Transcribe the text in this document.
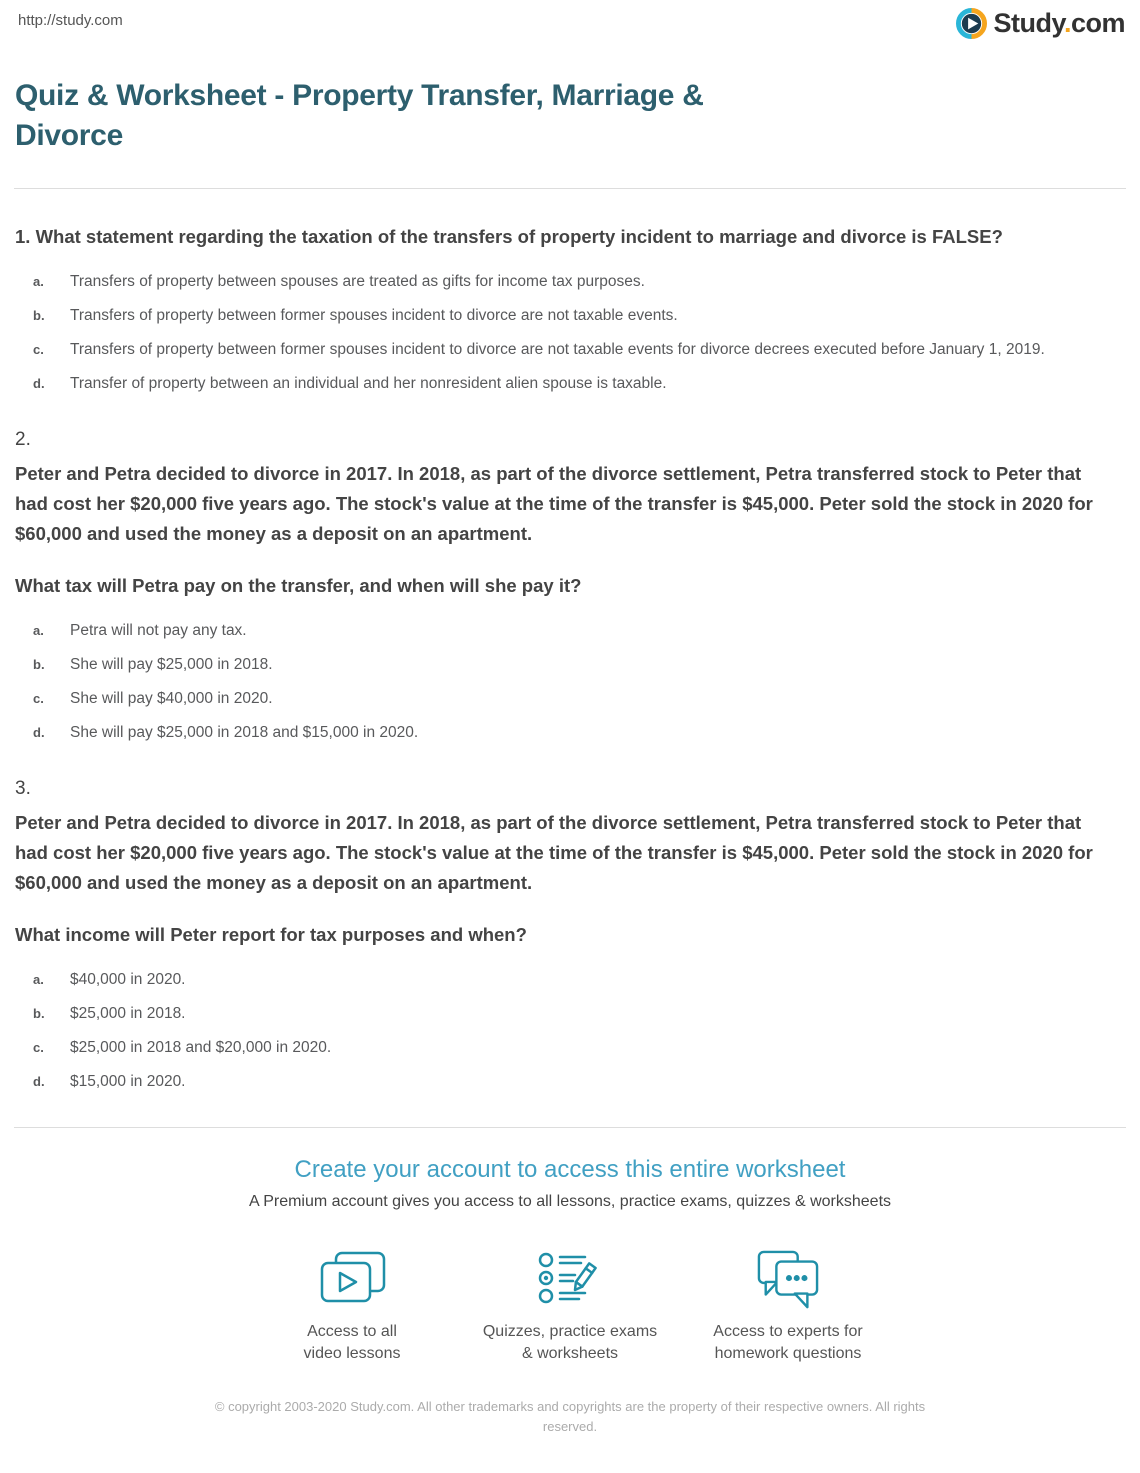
http://study.com	Study.com
Quiz & Worksheet - Property Transfer, Marriage & Divorce
1. What statement regarding the taxation of the transfers of property incident to marriage and divorce is FALSE?
a.	Transfers of property between spouses are treated as gifts for income tax purposes.
b.	Transfers of property between former spouses incident to divorce are not taxable events.
c.	Transfers of property between former spouses incident to divorce are not taxable events for divorce decrees executed before January 1, 2019.
d.	Transfer of property between an individual and her nonresident alien spouse is taxable.
2.
Peter and Petra decided to divorce in 2017. In 2018, as part of the divorce settlement, Petra transferred stock to Peter that had cost her $20,000 five years ago. The stock's value at the time of the transfer is $45,000. Peter sold the stock in 2020 for $60,000 and used the money as a deposit on an apartment.
What tax will Petra pay on the transfer, and when will she pay it?
a.	Petra will not pay any tax.
b.	She will pay $25,000 in 2018.
c.	She will pay $40,000 in 2020.
d.	She will pay $25,000 in 2018 and $15,000 in 2020.
3.
Peter and Petra decided to divorce in 2017. In 2018, as part of the divorce settlement, Petra transferred stock to Peter that had cost her $20,000 five years ago. The stock's value at the time of the transfer is $45,000. Peter sold the stock in 2020 for $60,000 and used the money as a deposit on an apartment.
What income will Peter report for tax purposes and when?
a.	$40,000 in 2020.
b.	$25,000 in 2018.
c.	$25,000 in 2018 and $20,000 in 2020.
d.	$15,000 in 2020.
Create your account to access this entire worksheet
A Premium account gives you access to all lessons, practice exams, quizzes & worksheets
Access to all
video lessons
Quizzes, practice exams
& worksheets
Access to experts for
homework questions
© copyright 2003-2020 Study.com. All other trademarks and copyrights are the property of their respective owners. All rights reserved.
